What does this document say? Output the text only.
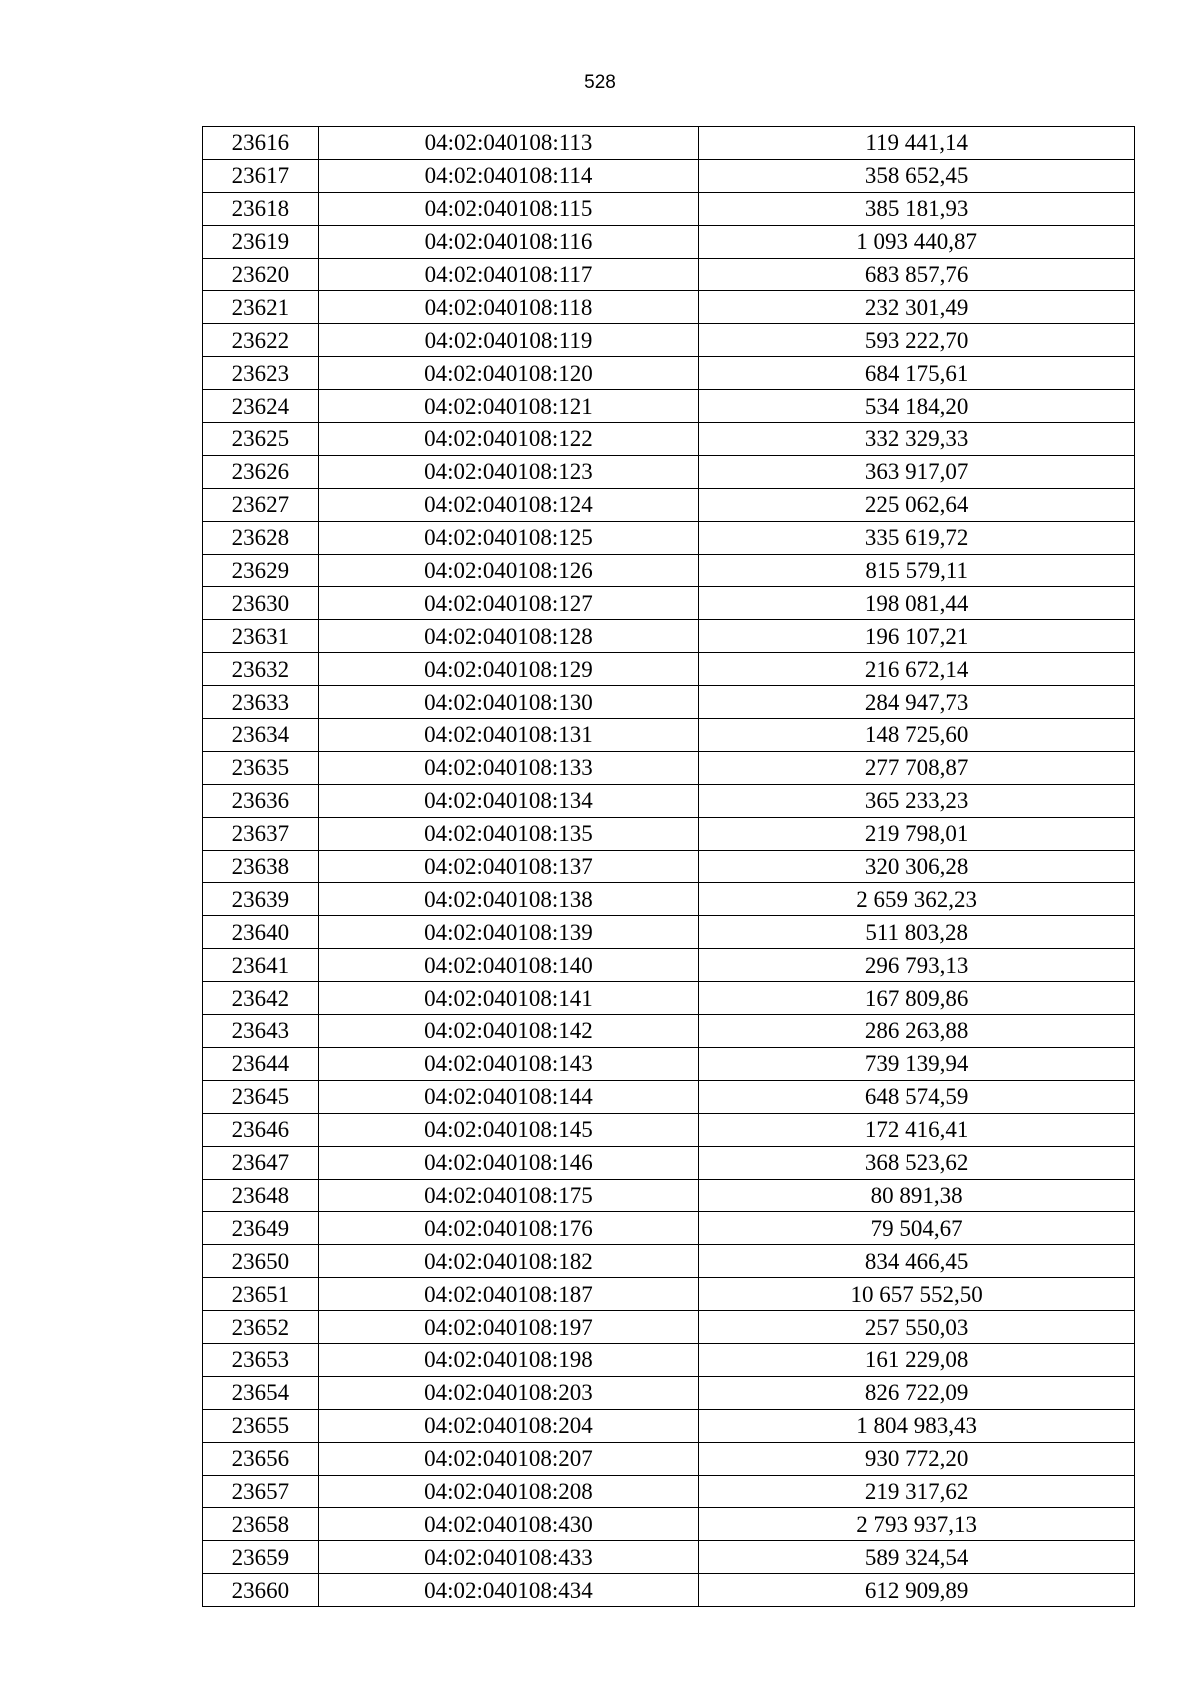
528
23616	04:02:040108:113	119 441,14
23617	04:02:040108:114	358 652,45
23618	04:02:040108:115	385 181,93
23619	04:02:040108:116	1 093 440,87
23620	04:02:040108:117	683 857,76
23621	04:02:040108:118	232 301,49
23622	04:02:040108:119	593 222,70
23623	04:02:040108:120	684 175,61
23624	04:02:040108:121	534 184,20
23625	04:02:040108:122	332 329,33
23626	04:02:040108:123	363 917,07
23627	04:02:040108:124	225 062,64
23628	04:02:040108:125	335 619,72
23629	04:02:040108:126	815 579,11
23630	04:02:040108:127	198 081,44
23631	04:02:040108:128	196 107,21
23632	04:02:040108:129	216 672,14
23633	04:02:040108:130	284 947,73
23634	04:02:040108:131	148 725,60
23635	04:02:040108:133	277 708,87
23636	04:02:040108:134	365 233,23
23637	04:02:040108:135	219 798,01
23638	04:02:040108:137	320 306,28
23639	04:02:040108:138	2 659 362,23
23640	04:02:040108:139	511 803,28
23641	04:02:040108:140	296 793,13
23642	04:02:040108:141	167 809,86
23643	04:02:040108:142	286 263,88
23644	04:02:040108:143	739 139,94
23645	04:02:040108:144	648 574,59
23646	04:02:040108:145	172 416,41
23647	04:02:040108:146	368 523,62
23648	04:02:040108:175	80 891,38
23649	04:02:040108:176	79 504,67
23650	04:02:040108:182	834 466,45
23651	04:02:040108:187	10 657 552,50
23652	04:02:040108:197	257 550,03
23653	04:02:040108:198	161 229,08
23654	04:02:040108:203	826 722,09
23655	04:02:040108:204	1 804 983,43
23656	04:02:040108:207	930 772,20
23657	04:02:040108:208	219 317,62
23658	04:02:040108:430	2 793 937,13
23659	04:02:040108:433	589 324,54
23660	04:02:040108:434	612 909,89
